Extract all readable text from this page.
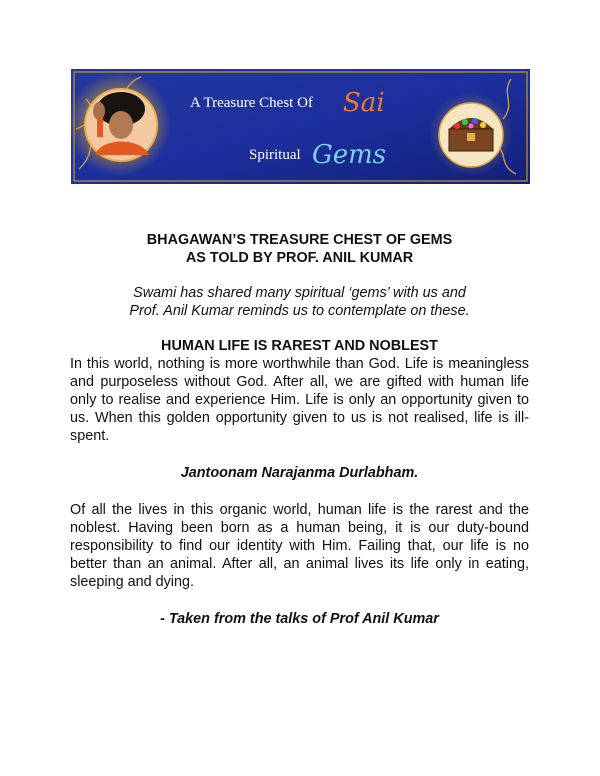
A Treasure Chest Of Sai
Spiritual Gems

BHAGAWAN’S TREASURE CHEST OF GEMS
AS TOLD BY PROF. ANIL KUMAR

Swami has shared many spiritual ‘gems’ with us and
Prof. Anil Kumar reminds us to contemplate on these.

HUMAN LIFE IS RAREST AND NOBLEST

In this world, nothing is more worthwhile than God. Life is meaningless and purposeless without God. After all, we are gifted with human life only to realise and experience Him. Life is only an opportunity given to us. When this golden opportunity given to us is not realised, life is ill-spent.

Jantoonam Narajanma Durlabham.

Of all the lives in this organic world, human life is the rarest and the noblest. Having been born as a human being, it is our duty-bound responsibility to find our identity with Him. Failing that, our life is no better than an animal. After all, an animal lives its life only in eating, sleeping and dying.

- Taken from the talks of Prof Anil Kumar
